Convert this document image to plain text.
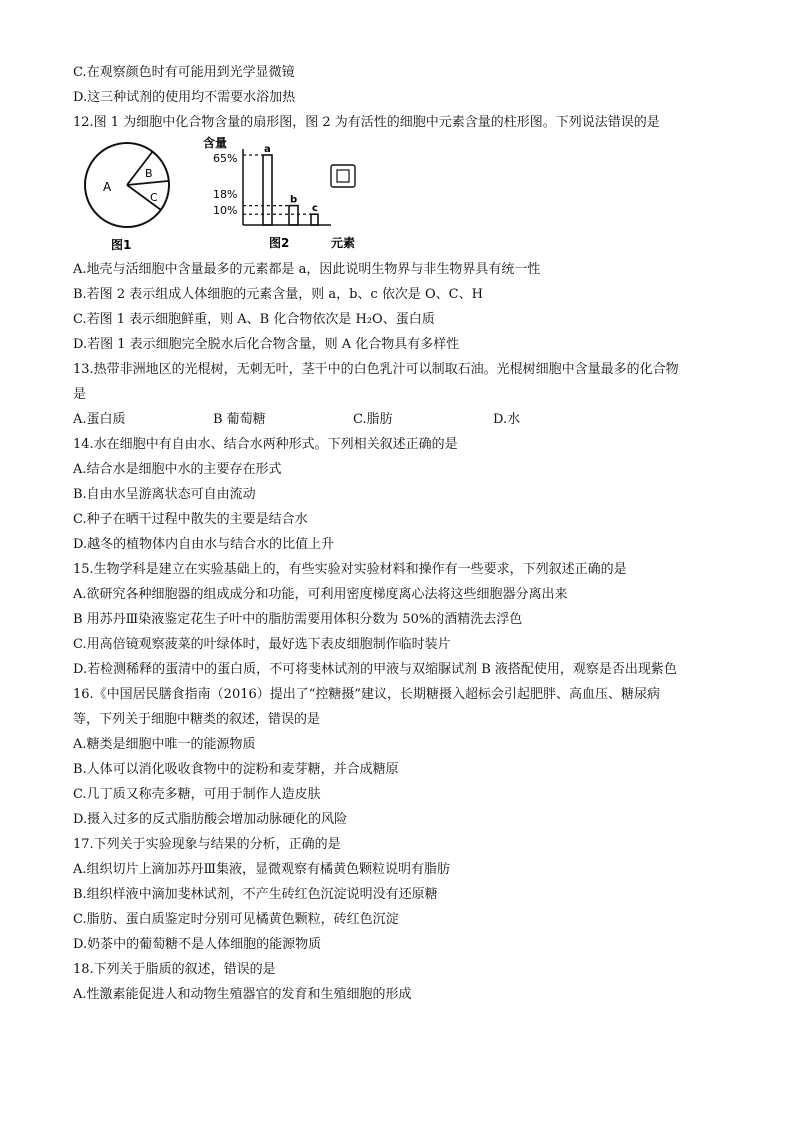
C.在观察颜色时有可能用到光学显微镜
D.这三种试剂的使用均不需要水浴加热
12.图 1 为细胞中化合物含量的扇形图，图 2 为有活性的细胞中元素含量的柱形图。下列说法错误的是
A
B
C
图1
含量
65%
18%
10%
a
b
c
元素
图2
A.地壳与活细胞中含量最多的元素都是 a，因此说明生物界与非生物界具有统一性
B.若图 2 表示组成人体细胞的元素含量，则 a，b、c 依次是 O、C、H
C.若图 1 表示细胞鲜重，则 A、B 化合物依次是 H₂O、蛋白质
D.若图 1 表示细胞完全脱水后化合物含量，则 A 化合物具有多样性
13.热带非洲地区的光棍树，无刺无叶，茎干中的白色乳汁可以制取石油。光棍树细胞中含量最多的化合物
是
A.蛋白质	B 葡萄糖	C.脂肪	D.水
14.水在细胞中有自由水、结合水两种形式。下列相关叙述正确的是
A.结合水是细胞中水的主要存在形式
B.自由水呈游离状态可自由流动
C.种子在晒干过程中散失的主要是结合水
D.越冬的植物体内自由水与结合水的比值上升
15.生物学科是建立在实验基础上的，有些实验对实验材料和操作有一些要求，下列叙述正确的是
A.欲研究各种细胞器的组成成分和功能，可利用密度梯度离心法将这些细胞器分离出来
B 用苏丹Ⅲ染液鉴定花生子叶中的脂肪需要用体积分数为 50%的酒精洗去浮色
C.用高倍镜观察菠菜的叶绿体时，最好选下表皮细胞制作临时装片
D.若检测稀释的蛋清中的蛋白质，不可将斐林试剂的甲液与双缩脲试剂 B 液搭配使用，观察是否出现紫色
16.《中国居民膳食指南（2016）提出了“控糖摄”建议，长期糖摄入超标会引起肥胖、高血压、糖尿病
等，下列关于细胞中糖类的叙述，错误的是
A.糖类是细胞中唯一的能源物质
B.人体可以消化吸收食物中的淀粉和麦芽糖，并合成糖原
C.几丁质又称壳多糖，可用于制作人造皮肤
D.摄入过多的反式脂肪酸会增加动脉硬化的风险
17.下列关于实验现象与结果的分析，正确的是
A.组织切片上滴加苏丹Ⅲ集液，显微观察有橘黄色颗粒说明有脂肪
B.组织样液中滴加斐林试剂，不产生砖红色沉淀说明没有还原糖
C.脂肪、蛋白质鉴定时分别可见橘黄色颗粒，砖红色沉淀
D.奶茶中的葡萄糖不是人体细胞的能源物质
18.下列关于脂质的叙述，错误的是
A.性激素能促进人和动物生殖器官的发育和生殖细胞的形成
